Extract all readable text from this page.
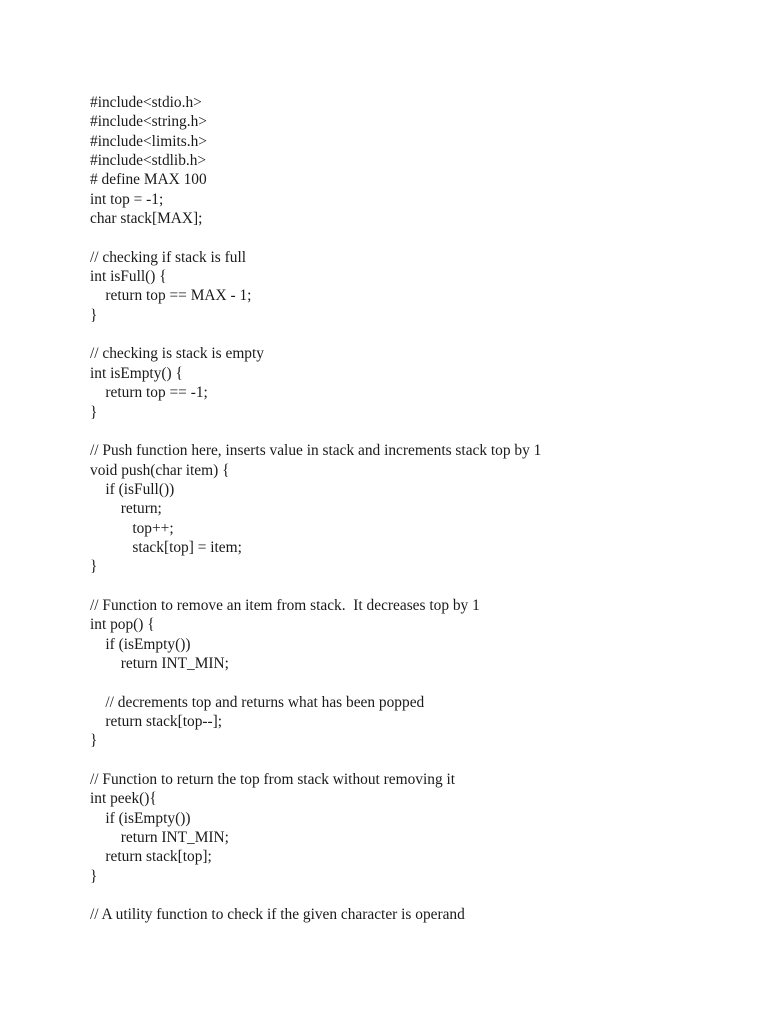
#include<stdio.h>
#include<string.h>
#include<limits.h>
#include<stdlib.h>
# define MAX 100
int top = -1;
char stack[MAX];
// checking if stack is full
int isFull() {
return top == MAX - 1;
}
// checking is stack is empty
int isEmpty() {
return top == -1;
}
// Push function here, inserts value in stack and increments stack top by 1
void push(char item) {
if (isFull())
return;
top++;
stack[top] = item;
}
// Function to remove an item from stack.  It decreases top by 1
int pop() {
if (isEmpty())
return INT_MIN;
// decrements top and returns what has been popped
return stack[top--];
}
// Function to return the top from stack without removing it
int peek(){
if (isEmpty())
return INT_MIN;
return stack[top];
}
// A utility function to check if the given character is operand
